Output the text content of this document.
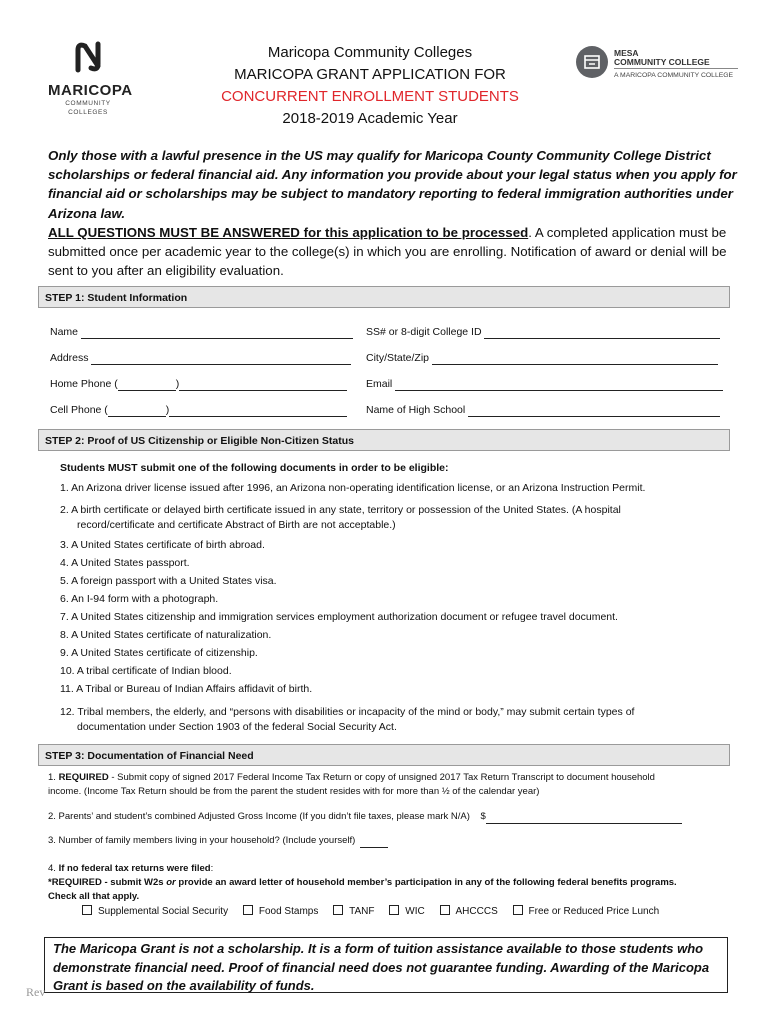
MARICOPA
COMMUNITY COLLEGES
Maricopa Community Colleges
MARICOPA GRANT APPLICATION FOR
CONCURRENT ENROLLMENT STUDENTS
2018-2019 Academic Year
MESA
COMMUNITY COLLEGE
A MARICOPA COMMUNITY COLLEGE
Only those with a lawful presence in the US may qualify for Maricopa County Community College District scholarships or federal financial aid. Any information you provide about your legal status when you apply for financial aid or scholarships may be subject to mandatory reporting to federal immigration authorities under Arizona law.
ALL QUESTIONS MUST BE ANSWERED for this application to be processed. A completed application must be submitted once per academic year to the college(s) in which you are enrolling. Notification of award or denial will be sent to you after an eligibility evaluation.
STEP 1: Student Information
Name	SS# or 8-digit College ID
Address	City/State/Zip
Home Phone (	)	Email
Cell Phone (	)	Name of High School
STEP 2: Proof of US Citizenship or Eligible Non-Citizen Status
Students MUST submit one of the following documents in order to be eligible:
1. An Arizona driver license issued after 1996, an Arizona non-operating identification license, or an Arizona Instruction Permit.
2. A birth certificate or delayed birth certificate issued in any state, territory or possession of the United States. (A hospital
record/certificate and certificate Abstract of Birth are not acceptable.)
3. A United States certificate of birth abroad.
4. A United States passport.
5. A foreign passport with a United States visa.
6. An I-94 form with a photograph.
7. A United States citizenship and immigration services employment authorization document or refugee travel document.
8. A United States certificate of naturalization.
9. A United States certificate of citizenship.
10. A tribal certificate of Indian blood.
11. A Tribal or Bureau of Indian Affairs affidavit of birth.
12. Tribal members, the elderly, and “persons with disabilities or incapacity of the mind or body,” may submit certain types of
documentation under Section 1903 of the federal Social Security Act.
STEP 3: Documentation of Financial Need
1. REQUIRED - Submit copy of signed 2017 Federal Income Tax Return or copy of unsigned 2017 Tax Return Transcript to document household
income. (Income Tax Return should be from the parent the student resides with for more than ½ of the calendar year)
2. Parents’ and student’s combined Adjusted Gross Income (If you didn’t file taxes, please mark N/A) $
3. Number of family members living in your household? (Include yourself)
4. If no federal tax returns were filed:
*REQUIRED - submit W2s or provide an award letter of household member’s participation in any of the following federal benefits programs.
Check all that apply.
Supplemental Social Security	Food Stamps	TANF	WIC	AHCCCS	Free or Reduced Price Lunch
The Maricopa Grant is not a scholarship. It is a form of tuition assistance available to those students who demonstrate financial need. Proof of financial need does not guarantee funding. Awarding of the Maricopa Grant is based on the availability of funds.
Rev
